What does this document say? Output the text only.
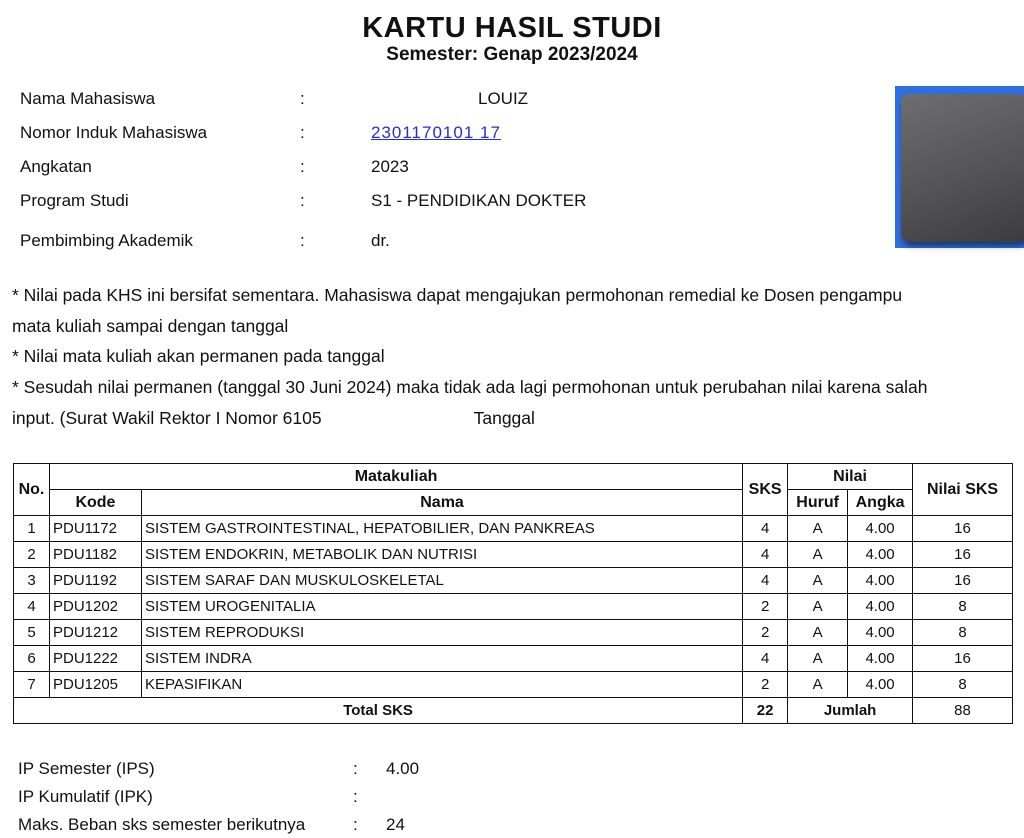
KARTU HASIL STUDI
Semester: Genap 2023/2024
Nama Mahasiswa	:	LOUIZ
Nomor Induk Mahasiswa	:	2301170101 17
Angkatan	:	2023
Program Studi	:	S1 - PENDIDIKAN DOKTER
Pembimbing Akademik	:	dr.
* Nilai pada KHS ini bersifat sementara. Mahasiswa dapat mengajukan permohonan remedial ke Dosen pengampu
mata kuliah sampai dengan tanggal
* Nilai mata kuliah akan permanen pada tanggal
* Sesudah nilai permanen (tanggal 30 Juni 2024) maka tidak ada lagi permohonan untuk perubahan nilai karena salah
input. (Surat Wakil Rektor I Nomor 6105	Tanggal
No.	Matakuliah		SKS	Nilai		Nilai SKS
	Kode	Nama		Huruf	Angka	
1	PDU1172	SISTEM GASTROINTESTINAL, HEPATOBILIER, DAN PANKREAS	4	A	4.00	16
2	PDU1182	SISTEM ENDOKRIN, METABOLIK DAN NUTRISI	4	A	4.00	16
3	PDU1192	SISTEM SARAF DAN MUSKULOSKELETAL	4	A	4.00	16
4	PDU1202	SISTEM UROGENITALIA	2	A	4.00	8
5	PDU1212	SISTEM REPRODUKSI	2	A	4.00	8
6	PDU1222	SISTEM INDRA	4	A	4.00	16
7	PDU1205	KEPASIFIKAN	2	A	4.00	8
Total SKS			22	Jumlah		88
IP Semester (IPS)	: 4.00
IP Kumulatif (IPK)	:
Maks. Beban sks semester berikutnya	: 24
